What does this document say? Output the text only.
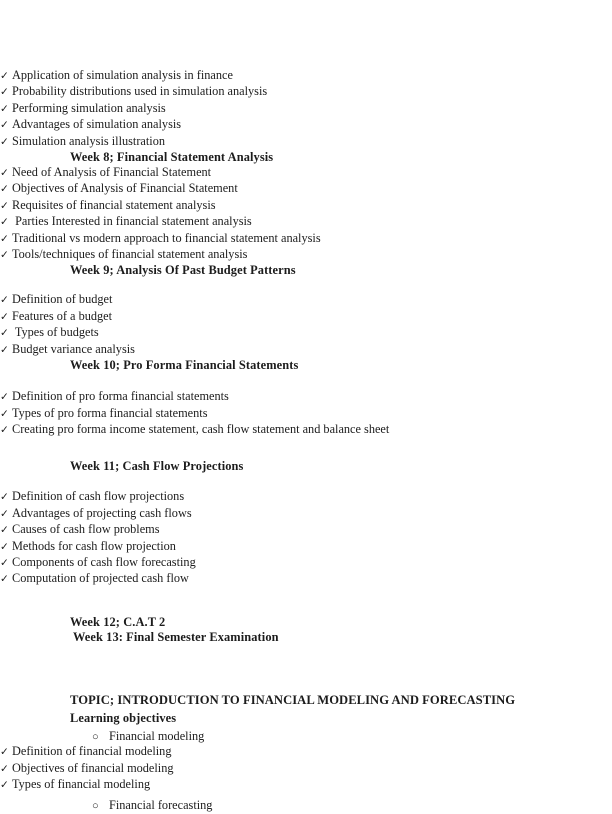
✓ Application of simulation analysis in finance
✓ Probability distributions used in simulation analysis
✓ Performing simulation analysis
✓ Advantages of simulation analysis
✓ Simulation analysis illustration

Week 8; Financial Statement Analysis

✓ Need of Analysis of Financial Statement
✓ Objectives of Analysis of Financial Statement
✓ Requisites of financial statement analysis
✓ Parties Interested in financial statement analysis
✓ Traditional vs modern approach to financial statement analysis
✓ Tools/techniques of financial statement analysis

Week 9; Analysis Of Past Budget Patterns

✓ Definition of budget
✓ Features of a budget
✓ Types of budgets
✓ Budget variance analysis

Week 10; Pro Forma Financial Statements

✓ Definition of pro forma financial statements
✓ Types of pro forma financial statements
✓ Creating pro forma income statement, cash flow statement and balance sheet

Week 11; Cash Flow Projections

✓ Definition of cash flow projections
✓ Advantages of projecting cash flows
✓ Causes of cash flow problems
✓ Methods for cash flow projection
✓ Components of cash flow forecasting
✓ Computation of projected cash flow

Week 12; C.A.T 2

Week 13: Final Semester Examination

TOPIC; INTRODUCTION TO FINANCIAL MODELING AND FORECASTING

Learning objectives

○ Financial modeling
✓ Definition of financial modeling
✓ Objectives of financial modeling
✓ Types of financial modeling
○ Financial forecasting
